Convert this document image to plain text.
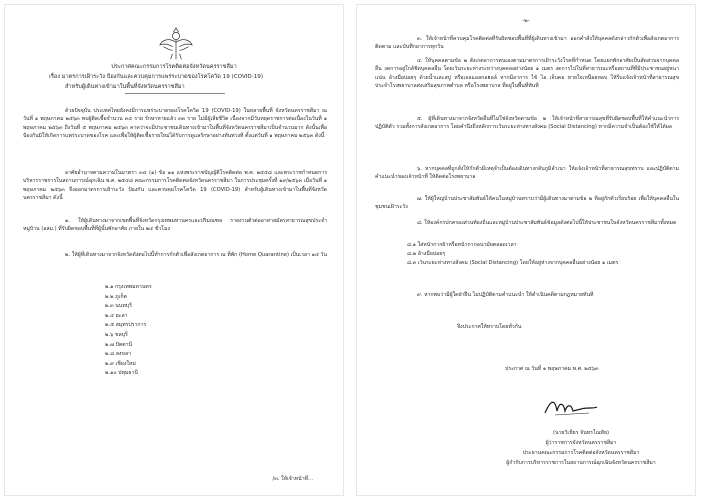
ประกาศคณะกรรมการโรคติดต่อจังหวัดนครราชสีมา
เรื่อง มาตรการเฝ้าระวัง ป้องกันและควบคุมการแพร่ระบาดของโรคโควิด 19 (COVID-19)
สำหรับผู้เดินทางเข้ามาในพื้นที่จังหวัดนครราชสีมา
ด้วยปัจจุบัน ประเทศไทยยังคงมีการแพร่ระบาดของโรคโควิด 19 (COVID-19) ในหลายพื้นที่ จังหวัดนครราชสีมา ณ วันที่ ๑ พฤษภาคม ๒๕๖๓ พบผู้ติดเชื้อจำนวน ๓๔ ราย รักษาหายแล้ว ๓๓ ราย ไม่มีผู้เสียชีวิต เนื่องจากมีวันหยุดราชการต่อเนื่องในวันที่ ๑ พฤษภาคม ๒๕๖๓ ถึงวันที่ ๕ พฤษภาคม ๒๕๖๓ คาดว่าจะมีประชาชนเดินทางเข้ามาในพื้นที่จังหวัดนครราชสีมาเป็นจำนวนมาก ดังนั้นเพื่อป้องกันมิให้เกิดการแพร่ระบาดของโรค และเพื่อให้ผู้ติดเชื้อรายใหม่ได้รับการดูแลรักษาอย่างทันท่วงที ตั้งแต่วันที่ ๑ พฤษภาคม ๒๕๖๓ ดังนี้
อาศัยอำนาจตามความในมาตรา ๓๔ (๑) ข้อ ๑๑ แห่งพระราชบัญญัติโรคติดต่อ พ.ศ. ๒๕๕๘ และพระราชกำหนดการบริหารราชการในสถานการณ์ฉุกเฉิน พ.ศ. ๒๕๔๘ คณะกรรมการโรคติดต่อจังหวัดนครราชสีมา ในการประชุมครั้งที่ ๑๙/๒๕๖๓ เมื่อวันที่ ๑ พฤษภาคม ๒๕๖๓ จึงออกมาตรการเฝ้าระวัง ป้องกัน และควบคุมโรคโควิด 19 (COVID-19) สำหรับผู้เดินทางเข้ามาในพื้นที่จังหวัดนครราชสีมา ดังนี้
๑. ให้ผู้เดินทางมาจากเขตพื้นที่จังหวัดกรุงเทพมหานครและปริมณฑล รายงานตัวต่ออาสาสมัครสาธารณสุขประจำหมู่บ้าน (อสม.) ที่รับผิดชอบพื้นที่ที่ผู้นั้นพักอาศัย ภายใน ๒๔ ชั่วโมง
๒. ให้ผู้ที่เดินทางมาจากจังหวัดดังต่อไปนี้ทำการกักตัวเพื่อสังเกตอาการ ณ ที่พัก (Home Quarantine) เป็นเวลา ๑๔ วัน
๒.๑ กรุงเทพมหานคร
๒.๒ ภูเก็ต
๒.๓ นนทบุรี
๒.๔ ยะลา
๒.๕ สมุทรปราการ
๒.๖ ชลบุรี
๒.๗ ปัตตานี
๒.๘ สงขลา
๒.๙ เชียงใหม่
๒.๑๐ ปทุมธานี
/๓. ให้เจ้าหน้าที่...
-๒-
๓. ให้เจ้าหน้าที่ควบคุมโรคติดต่อที่รับผิดชอบพื้นที่ที่ผู้เดินทางเข้ามา ออกคำสั่งให้บุคคลดังกล่าวกักตัวเพื่อสังเกตอาการ ติดตาม และบันทึกอาการทุกวัน
๔. ให้บุคคลตามข้อ ๒ สังเกตอาการตนเองตามมาตรการเฝ้าระวังโรคที่กำหนด โดยแยกพักอาศัยเป็นสัดส่วนจากบุคคลอื่น งดการอยู่ใกล้ชิดบุคคลอื่น โดยเว้นระยะห่างระหว่างบุคคลอย่างน้อย ๑ เมตร งดการไปในที่สาธารณะหรือสถานที่ที่มีประชาชนอยู่หนาแน่น ล้างมือบ่อยๆ ด้วยน้ำและสบู่ หรือเจลแอลกอฮอล์ หากมีอาการ ไข้ ไอ เจ็บคอ หายใจเหนื่อยหอบ ให้รีบแจ้งเจ้าหน้าที่สาธารณสุขประจำโรงพยาบาลส่งเสริมสุขภาพตำบล หรือโรงพยาบาล ที่อยู่ในพื้นที่ทันที
๕. ผู้ที่เดินทางมาจากจังหวัดอื่นที่ไม่ใช่จังหวัดตามข้อ ๒ ให้เจ้าหน้าที่สาธารณสุขที่รับผิดชอบพื้นที่ให้คำแนะนำการปฏิบัติตัว รวมทั้งการสังเกตอาการ โดยคำนึงถึงหลักการเว้นระยะห่างทางสังคม (Social Distancing) หากมีความจำเป็นต้องใช้ให้ได้ผล
๖. หากบุคคลที่ถูกสั่งให้กักตัวมีเหตุจำเป็นต้องเดินทางกลับภูมิลำเนา ให้แจ้งเจ้าหน้าที่สาธารณสุขทราบ และปฏิบัติตามคำแนะนำของเจ้าหน้าที่ ให้ติดต่อโรงพยาบาล
๗. ให้ผู้ใหญ่บ้านประชาสัมพันธ์ให้คนในหมู่บ้านทราบว่ามีผู้เดินทางมาตามข้อ ๒ ทีอยู่กักตัวเรียบร้อย เพื่อให้บุคคลอื่นในชุมชนเฝ้าระวัง
๘. ให้องค์กรปกครองส่วนท้องถิ่นและหมู่บ้านประชาสัมพันธ์ข้อมูลดังต่อไปนี้ให้ประชาชนในจังหวัดนครราชสีมาทั้งหมด
๘.๑ ใส่หน้ากากผ้าหรือหน้ากากอนามัยตลอดเวลา
๘.๒ ล้างมือบ่อยๆ
๘.๓ เว้นระยะห่างทางสังคม (Social Distancing) โดยให้อยู่ห่างจากบุคคลอื่นอย่างน้อย ๑ เมตร
๙. หากพบว่ามีผู้ใดฝ่าฝืน ไม่ปฏิบัติตามคำแนะนำ ให้ดำเนินคดีตามกฎหมายทันที
จึงประกาศให้ทราบโดยทั่วกัน
ประกาศ ณ วันที่ ๑ พฤษภาคม พ.ศ. ๒๕๖๓
(นายวิเชียร จันทรโณทัย)
ผู้ว่าราชการจังหวัดนครราชสีมา
ประธานคณะกรรมการโรคติดต่อจังหวัดนครราชสีมา
ผู้กำกับการบริหารราชการในสถานการณ์ฉุกเฉินจังหวัดนครราชสีมา
